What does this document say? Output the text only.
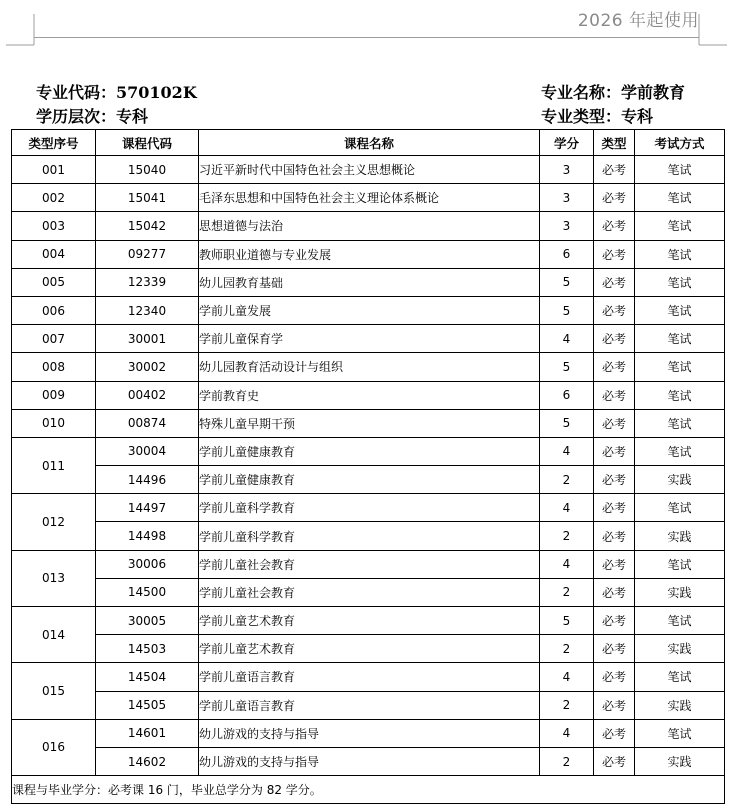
2026 年起使用
专业代码：570102K
学历层次：专科
专业名称：学前教育
专业类型：专科
类型序号	课程代码	课程名称	学分	类型	考试方式
001	15040	习近平新时代中国特色社会主义思想概论	3	必考	笔试
002	15041	毛泽东思想和中国特色社会主义理论体系概论	3	必考	笔试
003	15042	思想道德与法治	3	必考	笔试
004	09277	教师职业道德与专业发展	6	必考	笔试
005	12339	幼儿园教育基础	5	必考	笔试
006	12340	学前儿童发展	5	必考	笔试
007	30001	学前儿童保育学	4	必考	笔试
008	30002	幼儿园教育活动设计与组织	5	必考	笔试
009	00402	学前教育史	6	必考	笔试
010	00874	特殊儿童早期干预	5	必考	笔试
011	30004	学前儿童健康教育	4	必考	笔试
	14496	学前儿童健康教育	2	必考	实践
012	14497	学前儿童科学教育	4	必考	笔试
	14498	学前儿童科学教育	2	必考	实践
013	30006	学前儿童社会教育	4	必考	笔试
	14500	学前儿童社会教育	2	必考	实践
014	30005	学前儿童艺术教育	5	必考	笔试
	14503	学前儿童艺术教育	2	必考	实践
015	14504	学前儿童语言教育	4	必考	笔试
	14505	学前儿童语言教育	2	必考	实践
016	14601	幼儿游戏的支持与指导	4	必考	笔试
	14602	幼儿游戏的支持与指导	2	必考	实践
课程与毕业学分：必考课 16 门，毕业总学分为 82 学分。					
